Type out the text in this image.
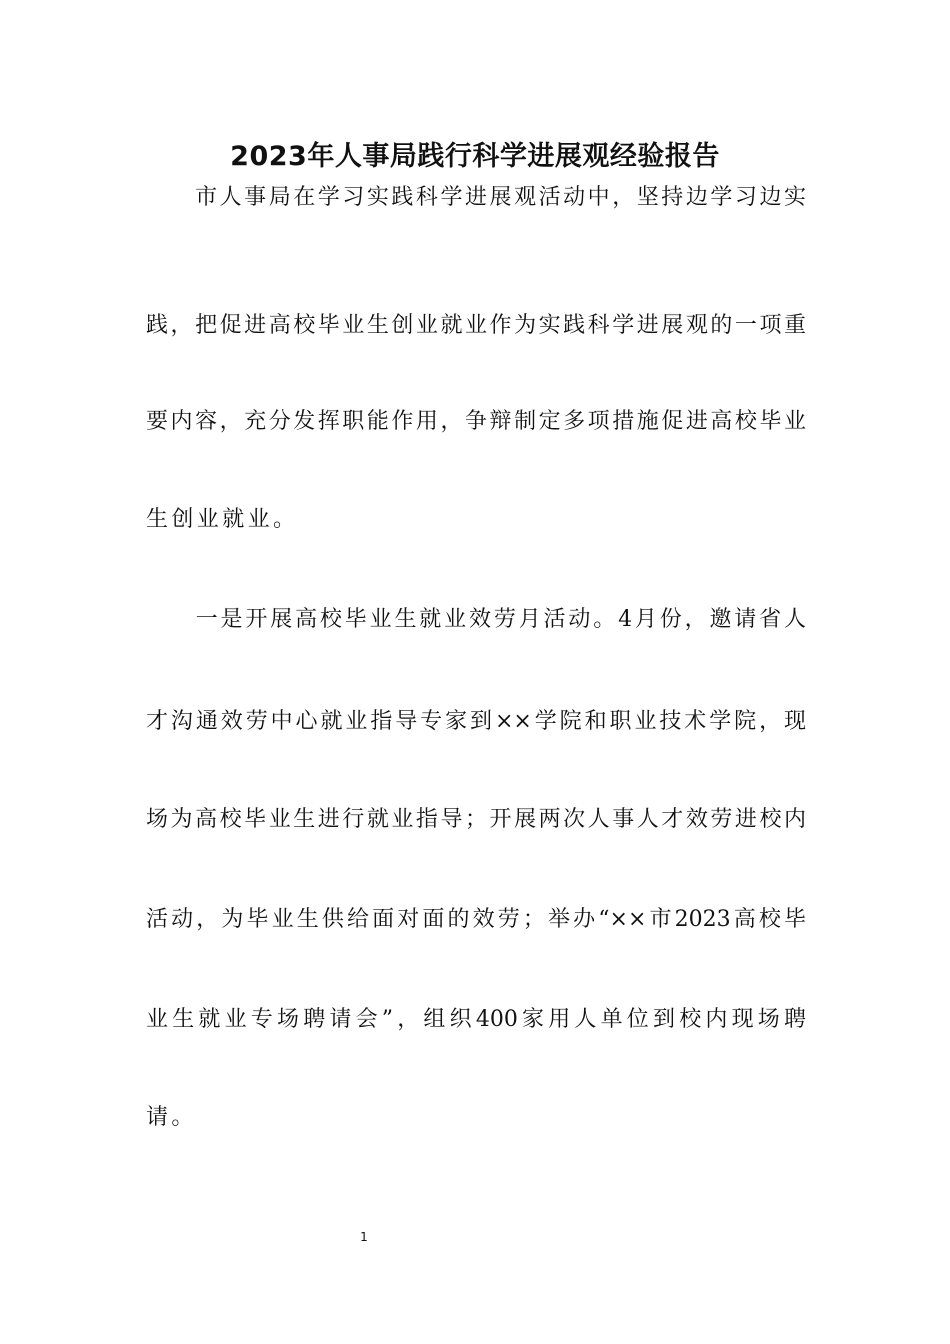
2023年人事局践行科学进展观经验报告
　　市人事局在学习实践科学进展观活动中，坚持边学习边实
践，把促进高校毕业生创业就业作为实践科学进展观的一项重
要内容，充分发挥职能作用，争辩制定多项措施促进高校毕业
生创业就业。
　　一是开展高校毕业生就业效劳月活动。4月份，邀请省人
才沟通效劳中心就业指导专家到××学院和职业技术学院，现
场为高校毕业生进行就业指导；开展两次人事人才效劳进校内
活动，为毕业生供给面对面的效劳；举办“××市2023高校毕
业生就业专场聘请会”，组织400家用人单位到校内现场聘
请。
1
